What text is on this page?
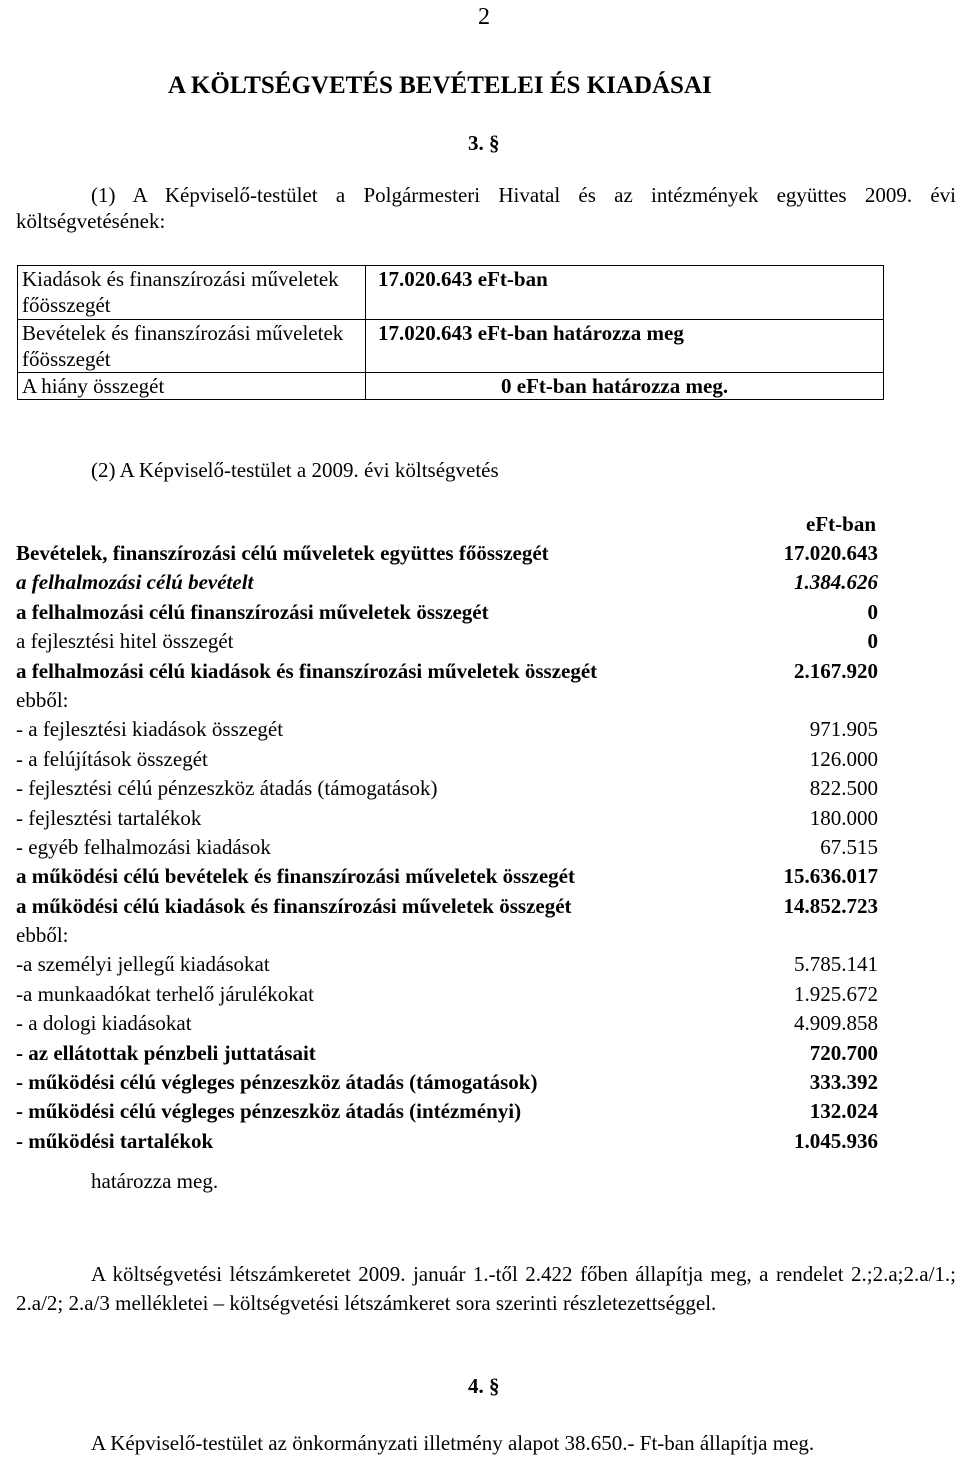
2
A KÖLTSÉGVETÉS BEVÉTELEI ÉS KIADÁSAI
3. §
(1) A Képviselő-testület a Polgármesteri Hivatal és az intézmények együttes 2009. évi költségvetésének:
Kiadások és finanszírozási műveletek főösszegét	17.020.643 eFt-ban
Bevételek és finanszírozási műveletek főösszegét	17.020.643 eFt-ban határozza meg
A hiány összegét	0 eFt-ban határozza meg.
(2) A Képviselő-testület a 2009. évi költségvetés
eFt-ban
Bevételek, finanszírozási célú műveletek együttes főösszegét	17.020.643
a felhalmozási célú bevételt	1.384.626
a felhalmozási célú finanszírozási műveletek összegét	0
a fejlesztési hitel összegét	0
a felhalmozási célú kiadások és finanszírozási műveletek összegét	2.167.920
ebből:
- a fejlesztési kiadások összegét	971.905
- a felújítások összegét	126.000
- fejlesztési célú pénzeszköz átadás (támogatások)	822.500
- fejlesztési tartalékok	180.000
- egyéb felhalmozási kiadások	67.515
a működési célú bevételek és finanszírozási műveletek összegét	15.636.017
a működési célú kiadások és finanszírozási műveletek összegét	14.852.723
ebből:
-a személyi jellegű kiadásokat	5.785.141
-a munkaadókat terhelő járulékokat	1.925.672
- a dologi kiadásokat	4.909.858
- az ellátottak pénzbeli juttatásait	720.700
- működési célú végleges pénzeszköz átadás (támogatások)	333.392
- működési célú végleges pénzeszköz átadás (intézményi)	132.024
- működési tartalékok	1.045.936
határozza meg.
A költségvetési létszámkeretet 2009. január 1.-től 2.422 főben állapítja meg, a rendelet 2.;2.a;2.a/1.; 2.a/2; 2.a/3 mellékletei – költségvetési létszámkeret sora szerinti részletezettséggel.
4. §
A Képviselő-testület az önkormányzati illetmény alapot 38.650.- Ft-ban állapítja meg.
